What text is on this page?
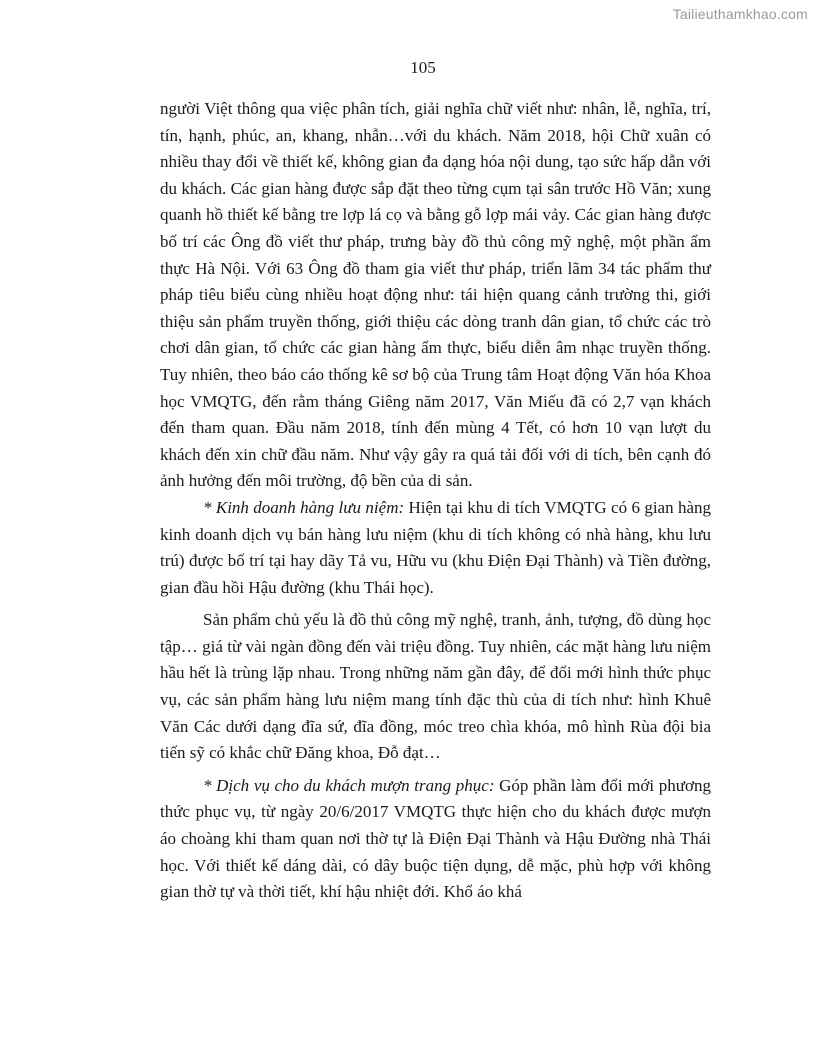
Tailieuthamkhao.com
105

người Việt thông qua việc phân tích, giải nghĩa chữ viết như: nhân, lễ, nghĩa, trí, tín, hạnh, phúc, an, khang, nhẫn…với du khách. Năm 2018, hội Chữ xuân có nhiều thay đổi về thiết kế, không gian đa dạng hóa nội dung, tạo sức hấp dẫn với du khách. Các gian hàng được sắp đặt theo từng cụm tại sân trước Hồ Văn; xung quanh hồ thiết kế bằng tre lợp lá cọ và bằng gỗ lợp mái vảy. Các gian hàng được bố trí các Ông đồ viết thư pháp, trưng bày đồ thủ công mỹ nghệ, một phần ẩm thực Hà Nội. Với 63 Ông đồ tham gia viết thư pháp, triển lãm 34 tác phẩm thư pháp tiêu biểu cùng nhiều hoạt động như: tái hiện quang cảnh trường thi, giới thiệu sản phẩm truyền thống, giới thiệu các dòng tranh dân gian, tổ chức các trò chơi dân gian, tổ chức các gian hàng ẩm thực, biểu diễn âm nhạc truyền thống. Tuy nhiên, theo báo cáo thống kê sơ bộ của Trung tâm Hoạt động Văn hóa Khoa học VMQTG, đến rằm tháng Giêng năm 2017, Văn Miếu đã có 2,7 vạn khách đến tham quan. Đầu năm 2018, tính đến mùng 4 Tết, có hơn 10 vạn lượt du khách đến xin chữ đầu năm. Như vậy gây ra quá tải đối với di tích, bên cạnh đó ảnh hưởng đến môi trường, độ bền của di sản.

* Kinh doanh hàng lưu niệm: Hiện tại khu di tích VMQTG có 6 gian hàng kinh doanh dịch vụ bán hàng lưu niệm (khu di tích không có nhà hàng, khu lưu trú) được bố trí tại hay dãy Tả vu, Hữu vu (khu Điện Đại Thành) và Tiền đường, gian đầu hồi Hậu đường (khu Thái học).

Sản phẩm chủ yếu là đồ thủ công mỹ nghệ, tranh, ảnh, tượng, đồ dùng học tập… giá từ vài ngàn đồng đến vài triệu đồng. Tuy nhiên, các mặt hàng lưu niệm hầu hết là trùng lặp nhau. Trong những năm gần đây, để đổi mới hình thức phục vụ, các sản phẩm hàng lưu niệm mang tính đặc thù của di tích như: hình Khuê Văn Các dưới dạng đĩa sứ, đĩa đồng, móc treo chìa khóa, mô hình Rùa đội bia tiến sỹ có khắc chữ Đăng khoa, Đỗ đạt…

* Dịch vụ cho du khách mượn trang phục: Góp phần làm đổi mới phương thức phục vụ, từ ngày 20/6/2017 VMQTG thực hiện cho du khách được mượn áo choàng khi tham quan nơi thờ tự là Điện Đại Thành và Hậu Đường nhà Thái học. Với thiết kế dáng dài, có dây buộc tiện dụng, dễ mặc, phù hợp với không gian thờ tự và thời tiết, khí hậu nhiệt đới. Khổ áo khá
